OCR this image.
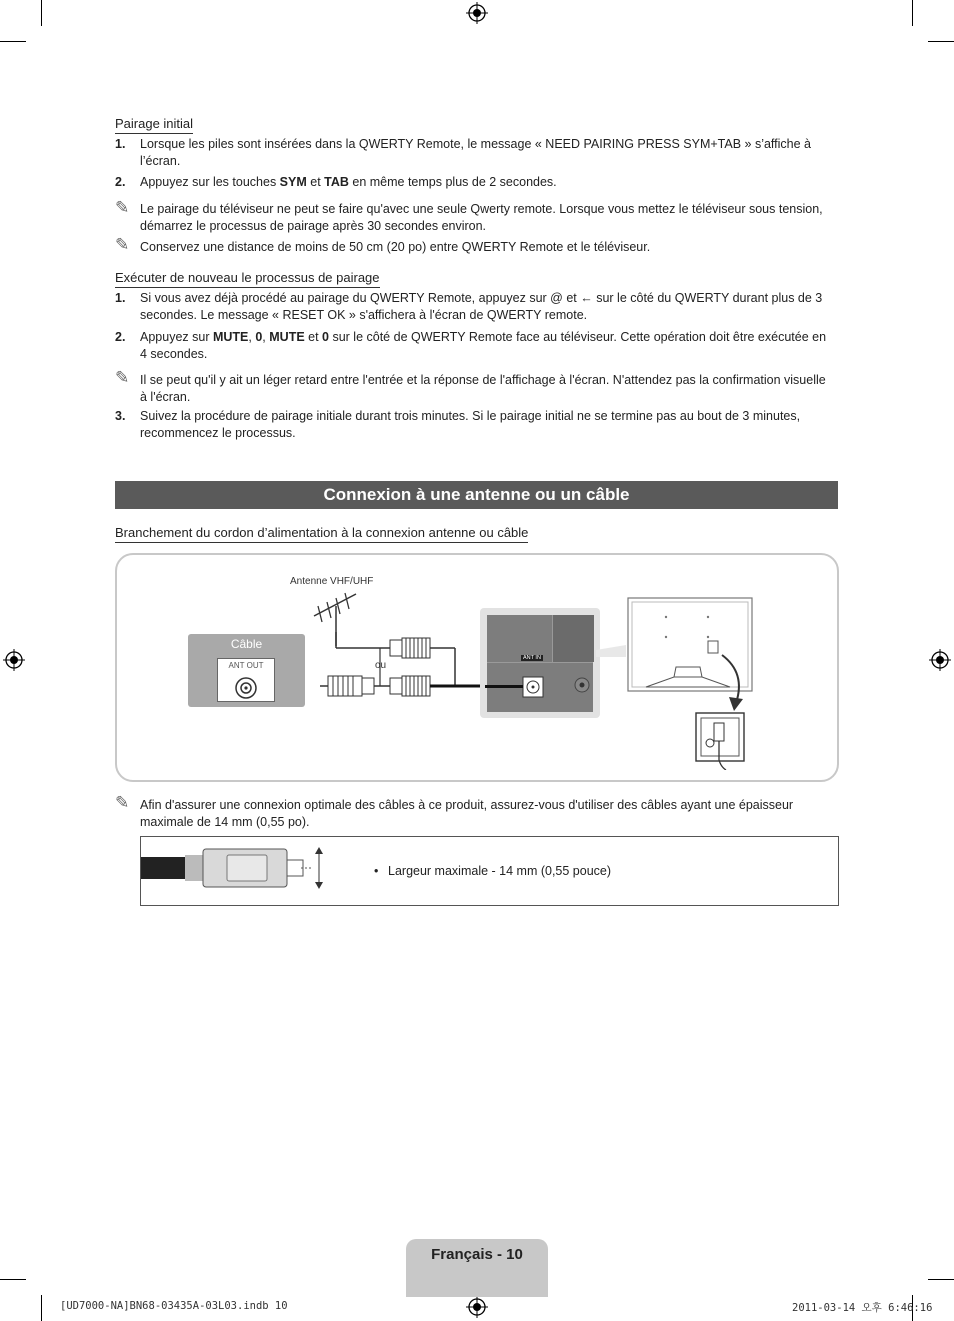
Pairage initial
1. Lorsque les piles sont insérées dans la QWERTY Remote, le message « NEED PAIRING PRESS SYM+TAB » s’affiche à l’écran.
2. Appuyez sur les touches SYM et TAB en même temps plus de 2 secondes.
✎ Le pairage du téléviseur ne peut se faire qu'avec une seule Qwerty remote. Lorsque vous mettez le téléviseur sous tension, démarrez le processus de pairage après 30 secondes environ.
✎ Conservez une distance de moins de 50 cm (20 po) entre QWERTY Remote et le téléviseur.
Exécuter de nouveau le processus de pairage
1. Si vous avez déjà procédé au pairage du QWERTY Remote, appuyez sur @ et ← sur le côté du QWERTY durant plus de 3 secondes. Le message « RESET OK » s'affichera à l'écran de QWERTY remote.
2. Appuyez sur MUTE, 0, MUTE et 0 sur le côté de QWERTY Remote face au téléviseur. Cette opération doit être exécutée en 4 secondes.
✎ Il se peut qu'il y ait un léger retard entre l'entrée et la réponse de l'affichage à l'écran. N'attendez pas la confirmation visuelle à l'écran.
3. Suivez la procédure de pairage initiale durant trois minutes. Si le pairage initial ne se termine pas au bout de 3 minutes, recommencez le processus.
Connexion à une antenne ou un câble
Branchement du cordon d’alimentation à la connexion antenne ou câble
Antenne VHF/UHF
Câble
ANT OUT	ou
ANT IN
✎ Afin d'assurer une connexion optimale des câbles à ce produit, assurez-vous d'utiliser des câbles ayant une épaisseur maximale de 14 mm (0,55 po).
• Largeur maximale - 14 mm (0,55 pouce)
Français - 10
[UD7000-NA]BN68-03435A-03L03.indb 10	2011-03-14 오후 6:46:16
